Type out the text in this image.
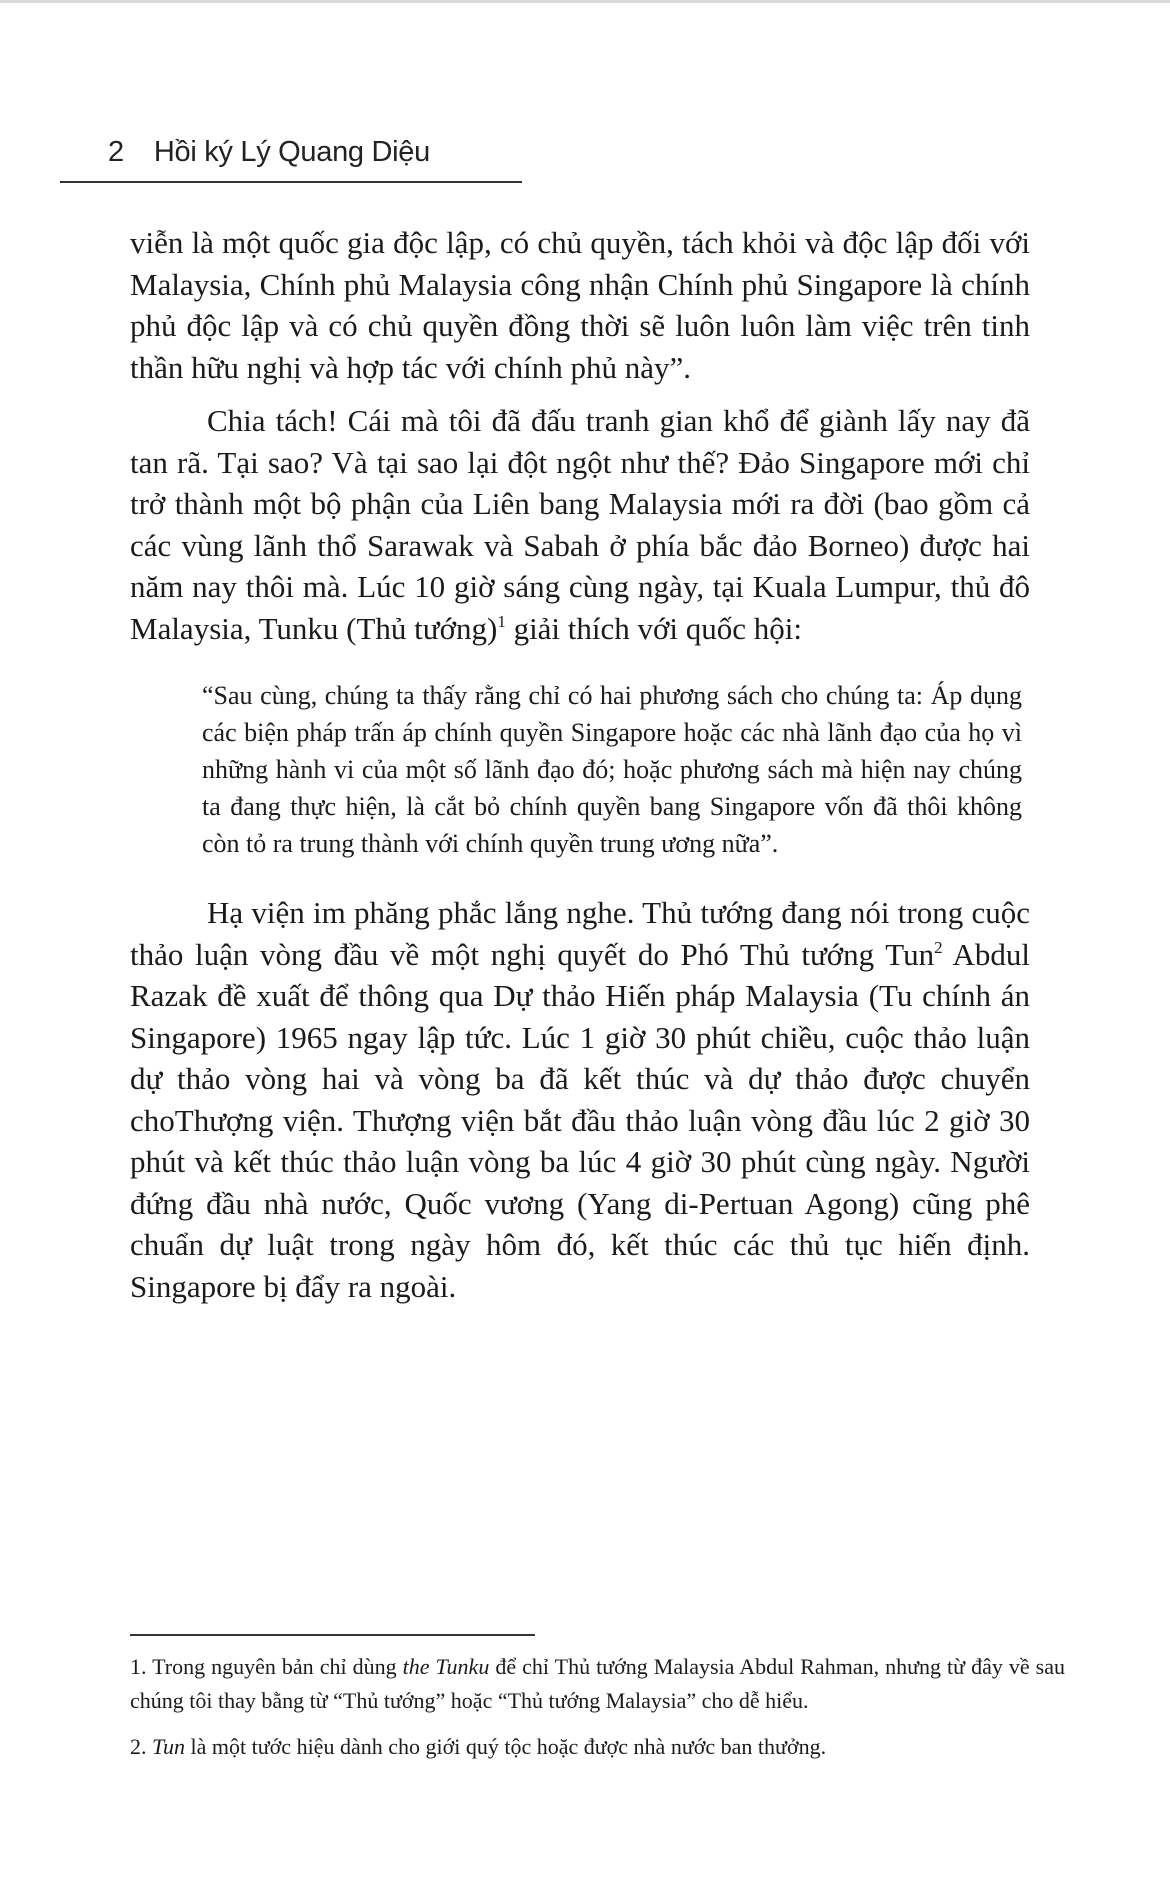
2 Hồi ký Lý Quang Diệu

viễn là một quốc gia độc lập, có chủ quyền, tách khỏi và độc lập đối với Malaysia, Chính phủ Malaysia công nhận Chính phủ Singapore là chính phủ độc lập và có chủ quyền đồng thời sẽ luôn luôn làm việc trên tinh thần hữu nghị và hợp tác với chính phủ này”.

Chia tách! Cái mà tôi đã đấu tranh gian khổ để giành lấy nay đã tan rã. Tại sao? Và tại sao lại đột ngột như thế? Đảo Singapore mới chỉ trở thành một bộ phận của Liên bang Malaysia mới ra đời (bao gồm cả các vùng lãnh thổ Sarawak và Sabah ở phía bắc đảo Borneo) được hai năm nay thôi mà. Lúc 10 giờ sáng cùng ngày, tại Kuala Lumpur, thủ đô Malaysia, Tunku (Thủ tướng)$^1$ giải thích với quốc hội:

“Sau cùng, chúng ta thấy rằng chỉ có hai phương sách cho chúng ta: Áp dụng các biện pháp trấn áp chính quyền Singapore hoặc các nhà lãnh đạo của họ vì những hành vi của một số lãnh đạo đó; hoặc phương sách mà hiện nay chúng ta đang thực hiện, là cắt bỏ chính quyền bang Singapore vốn đã thôi không còn tỏ ra trung thành với chính quyền trung ương nữa”.

Hạ viện im phăng phắc lắng nghe. Thủ tướng đang nói trong cuộc thảo luận vòng đầu về một nghị quyết do Phó Thủ tướng Tun$^2$ Abdul Razak đề xuất để thông qua Dự thảo Hiến pháp Malaysia (Tu chính án Singapore) 1965 ngay lập tức. Lúc 1 giờ 30 phút chiều, cuộc thảo luận dự thảo vòng hai và vòng ba đã kết thúc và dự thảo được chuyển choThượng viện. Thượng viện bắt đầu thảo luận vòng đầu lúc 2 giờ 30 phút và kết thúc thảo luận vòng ba lúc 4 giờ 30 phút cùng ngày. Người đứng đầu nhà nước, Quốc vương (Yang di-Pertuan Agong) cũng phê chuẩn dự luật trong ngày hôm đó, kết thúc các thủ tục hiến định. Singapore bị đẩy ra ngoài.

1. Trong nguyên bản chỉ dùng the Tunku để chỉ Thủ tướng Malaysia Abdul Rahman, nhưng từ đây về sau chúng tôi thay bằng từ “Thủ tướng” hoặc “Thủ tướng Malaysia” cho dễ hiểu.

2. Tun là một tước hiệu dành cho giới quý tộc hoặc được nhà nước ban thưởng.
